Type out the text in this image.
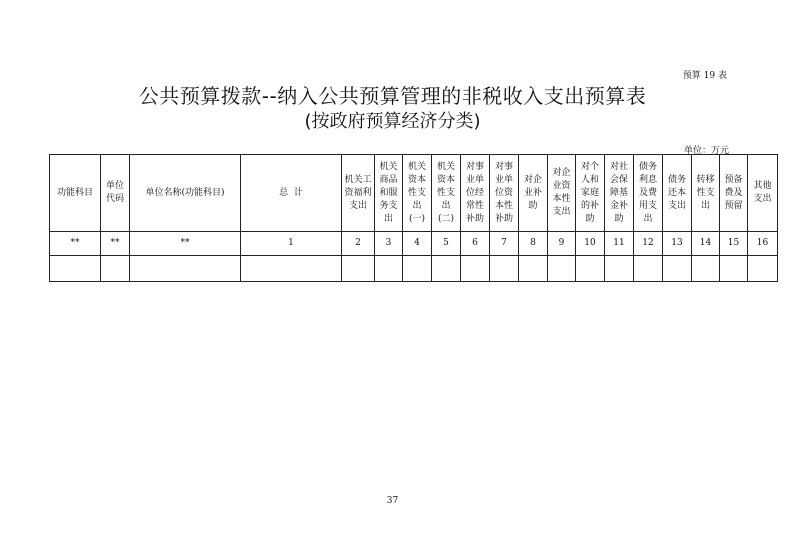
预算 19 表
公共预算拨款--纳入公共预算管理的非税收入支出预算表
(按政府预算经济分类)
单位：万元
功能科目	单位代码	单位名称(功能科目)	总  计	机关工资福利支出	机关商品和服务支出	机关资本性支出(一)	机关资本性支出(二)	对事业单位经常性补助	对事业单位资本性补助	对企业补助	对企业资本性支出	对个人和家庭的补助	对社会保障基金补助	债务利息及费用支出	债务还本支出	转移性支出	预备费及预留	其他支出
**	**	**	1	2	3	4	5	6	7	8	9	10	11	12	13	14	15	16

37
